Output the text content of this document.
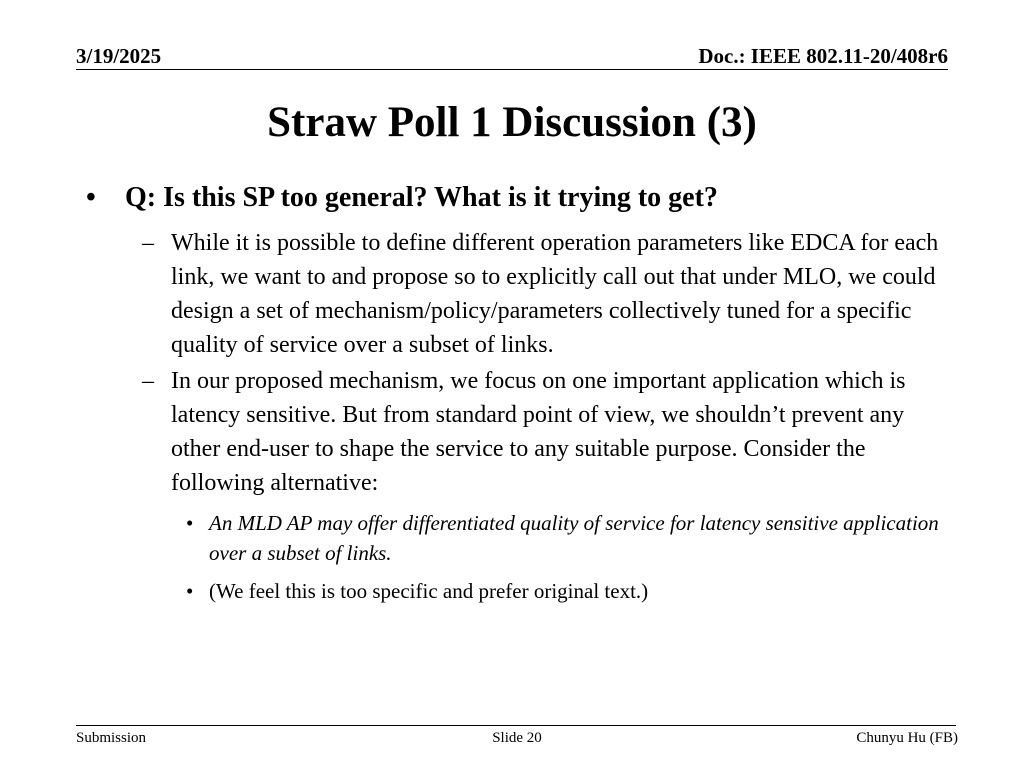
3/19/2025	Doc.: IEEE 802.11-20/408r6
Straw Poll 1 Discussion (3)
• Q: Is this SP too general? What is it trying to get?
– While it is possible to define different operation parameters like EDCA for each link, we want to and propose so to explicitly call out that under MLO, we could design a set of mechanism/policy/parameters collectively tuned for a specific quality of service over a subset of links.
– In our proposed mechanism, we focus on one important application which is latency sensitive. But from standard point of view, we shouldn’t prevent any other end-user to shape the service to any suitable purpose. Consider the following alternative:
• An MLD AP may offer differentiated quality of service for latency sensitive application over a subset of links.
• (We feel this is too specific and prefer original text.)
Submission	Slide 20	Chunyu Hu (FB)
